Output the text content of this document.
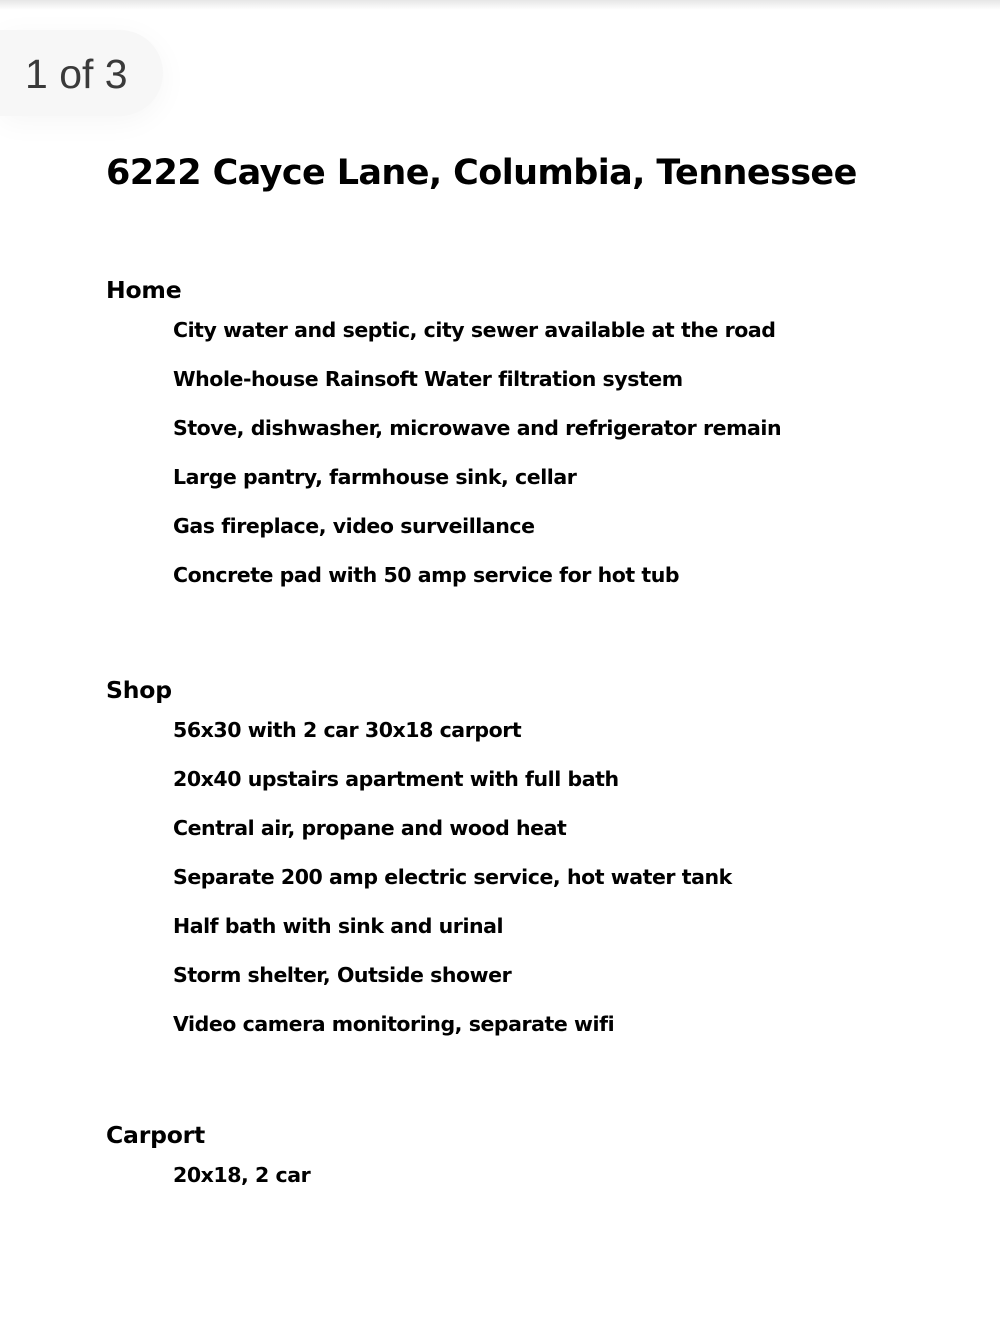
1 of 3
6222 Cayce Lane, Columbia, Tennessee
Home
City water and septic, city sewer available at the road
Whole-house Rainsoft Water filtration system
Stove, dishwasher, microwave and refrigerator remain
Large pantry, farmhouse sink, cellar
Gas fireplace, video surveillance
Concrete pad with 50 amp service for hot tub
Shop
56x30 with 2 car 30x18 carport
20x40 upstairs apartment with full bath
Central air, propane and wood heat
Separate 200 amp electric service, hot water tank
Half bath with sink and urinal
Storm shelter, Outside shower
Video camera monitoring, separate wifi
Carport
20x18, 2 car
